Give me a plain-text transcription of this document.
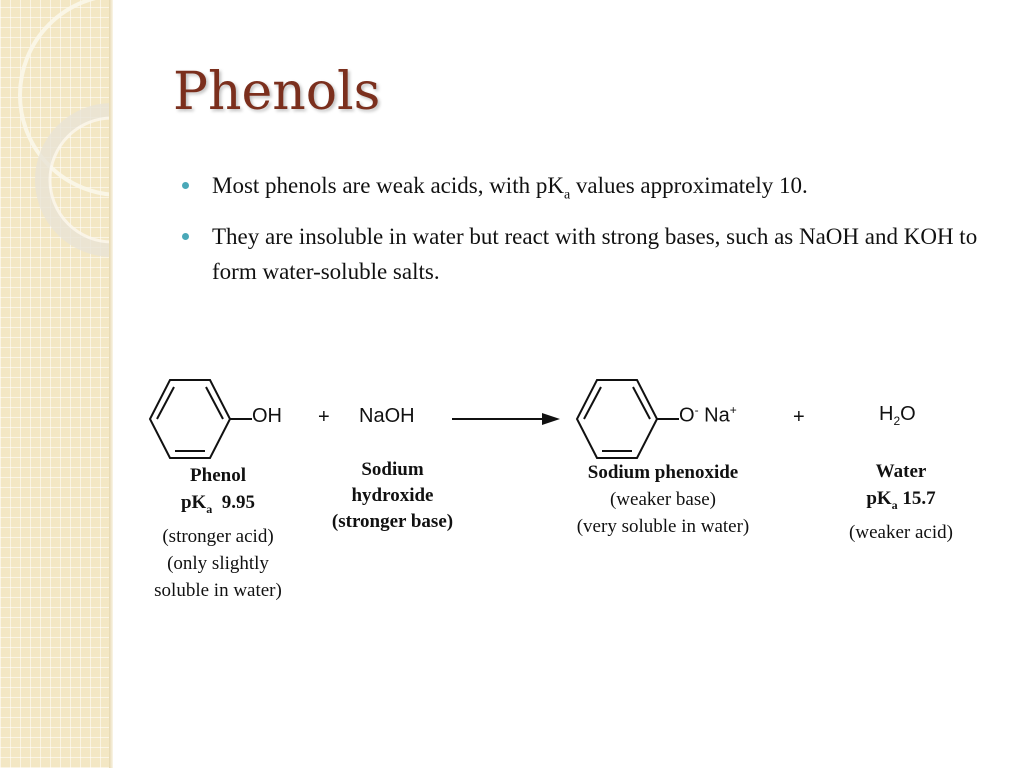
Phenols
Most phenols are weak acids, with $pK_a$ values approximately 10.
They are insoluble in water but react with strong bases, such as NaOH and KOH to form water-soluble salts.
OH + NaOH	O- Na+	+	$H_2O$
Phenol
$pK_a$ 9.95
(stronger acid)
(only slightly
soluble in water)
Sodium
hydroxide
(stronger base)
Sodium phenoxide
(weaker base)
(very soluble in water)
Water
$pK_a$ 15.7
(weaker acid)
